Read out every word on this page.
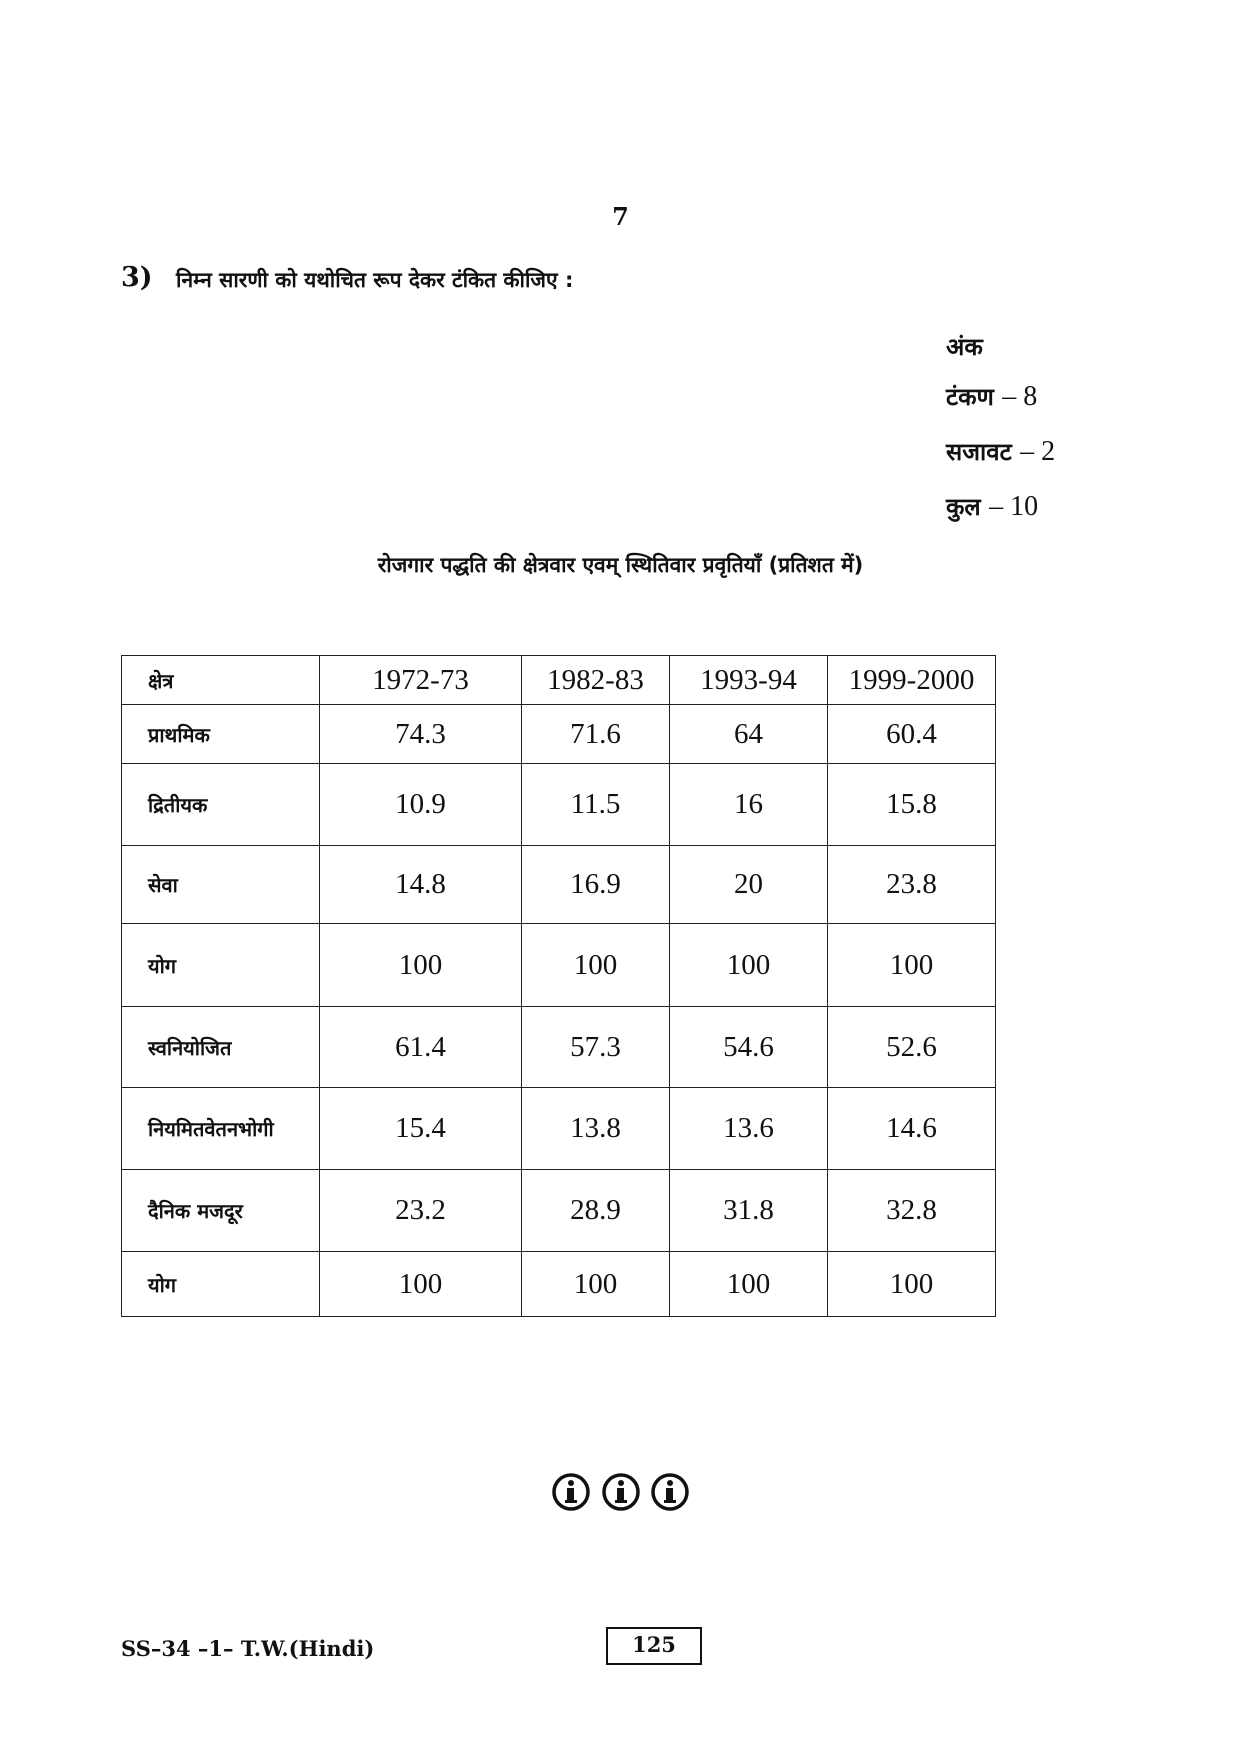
7
3) निम्न सारणी को यथोचित रूप देकर टंकित कीजिए :
अंक
टंकण – 8
सजावट – 2
कुल – 10
रोजगार पद्धति की क्षेत्रवार एवम् स्थितिवार प्रवृतियाँ (प्रतिशत में)
क्षेत्र	1972-73	1982-83	1993-94	1999-2000
प्राथमिक	74.3	71.6	64	60.4
द्रितीयक	10.9	11.5	16	15.8
सेवा	14.8	16.9	20	23.8
योग	100	100	100	100
स्वनियोजित	61.4	57.3	54.6	52.6
नियमितवेतनभोगी	15.4	13.8	13.6	14.6
दैनिक मजदूर	23.2	28.9	31.8	32.8
योग	100	100	100	100

SS–34 –1– T.W.(Hindi)	125
